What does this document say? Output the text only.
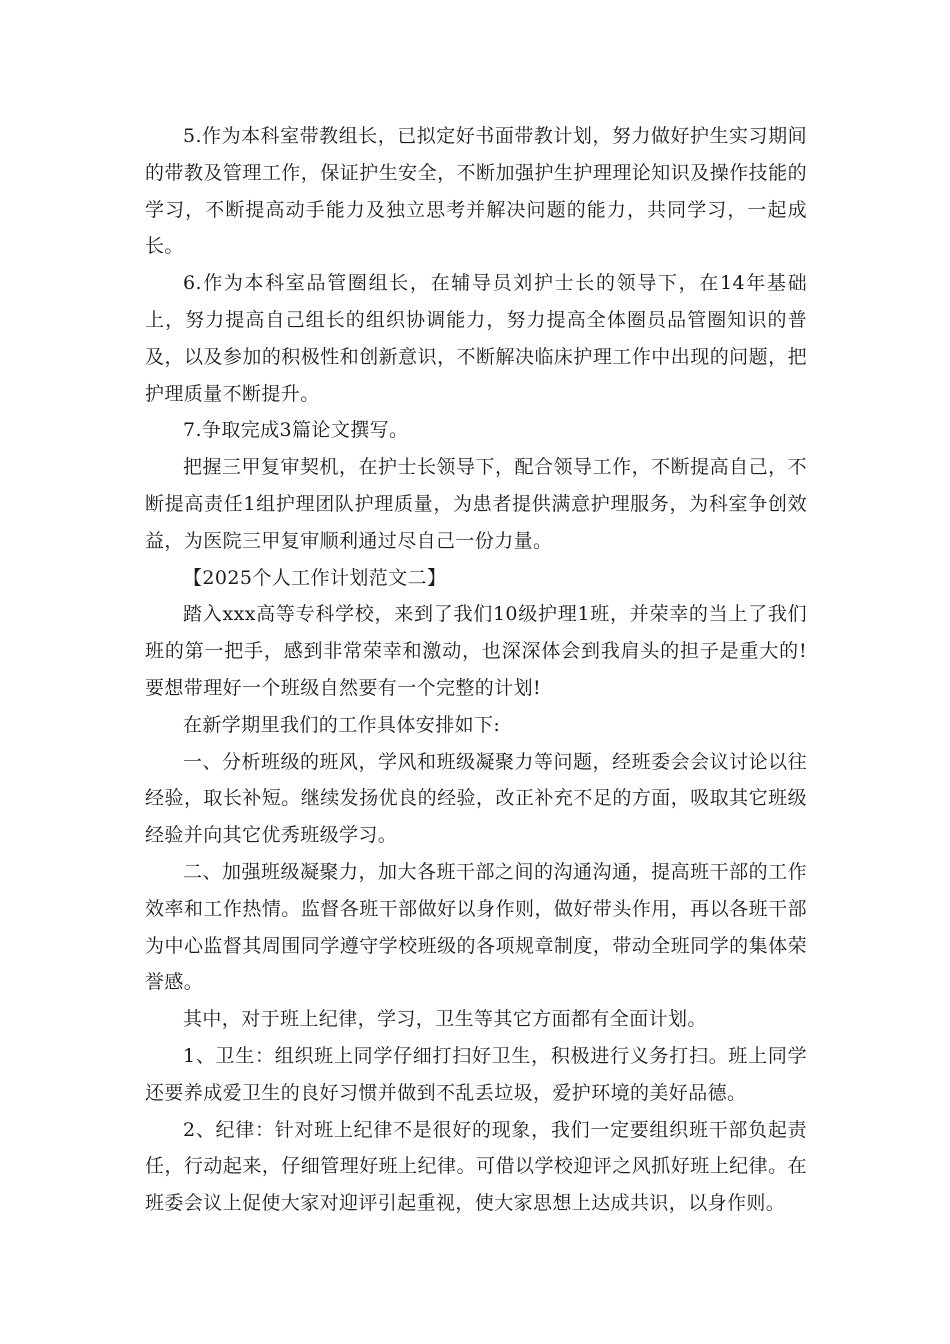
5.作为本科室带教组长，已拟定好书面带教计划，努力做好护生实习期间的带教及管理工作，保证护生安全，不断加强护生护理理论知识及操作技能的学习，不断提高动手能力及独立思考并解决问题的能力，共同学习，一起成长。

6.作为本科室品管圈组长，在辅导员刘护士长的领导下，在14年基础上，努力提高自己组长的组织协调能力，努力提高全体圈员品管圈知识的普及，以及参加的积极性和创新意识，不断解决临床护理工作中出现的问题，把护理质量不断提升。

7.争取完成3篇论文撰写。

把握三甲复审契机，在护士长领导下，配合领导工作，不断提高自己，不断提高责任1组护理团队护理质量，为患者提供满意护理服务，为科室争创效益，为医院三甲复审顺利通过尽自己一份力量。

【2025个人工作计划范文二】

踏入xxx高等专科学校，来到了我们10级护理1班，并荣幸的当上了我们班的第一把手，感到非常荣幸和激动，也深深体会到我肩头的担子是重大的!要想带理好一个班级自然要有一个完整的计划!

在新学期里我们的工作具体安排如下:

一、分析班级的班风，学风和班级凝聚力等问题，经班委会会议讨论以往经验，取长补短。继续发扬优良的经验，改正补充不足的方面，吸取其它班级经验并向其它优秀班级学习。

二、加强班级凝聚力，加大各班干部之间的沟通沟通，提高班干部的工作效率和工作热情。监督各班干部做好以身作则，做好带头作用，再以各班干部为中心监督其周围同学遵守学校班级的各项规章制度，带动全班同学的集体荣誉感。

其中，对于班上纪律，学习，卫生等其它方面都有全面计划。

1、卫生：组织班上同学仔细打扫好卫生，积极进行义务打扫。班上同学还要养成爱卫生的良好习惯并做到不乱丢垃圾，爱护环境的美好品德。

2、纪律：针对班上纪律不是很好的现象，我们一定要组织班干部负起责任，行动起来，仔细管理好班上纪律。可借以学校迎评之风抓好班上纪律。在班委会议上促使大家对迎评引起重视，使大家思想上达成共识，以身作则。
